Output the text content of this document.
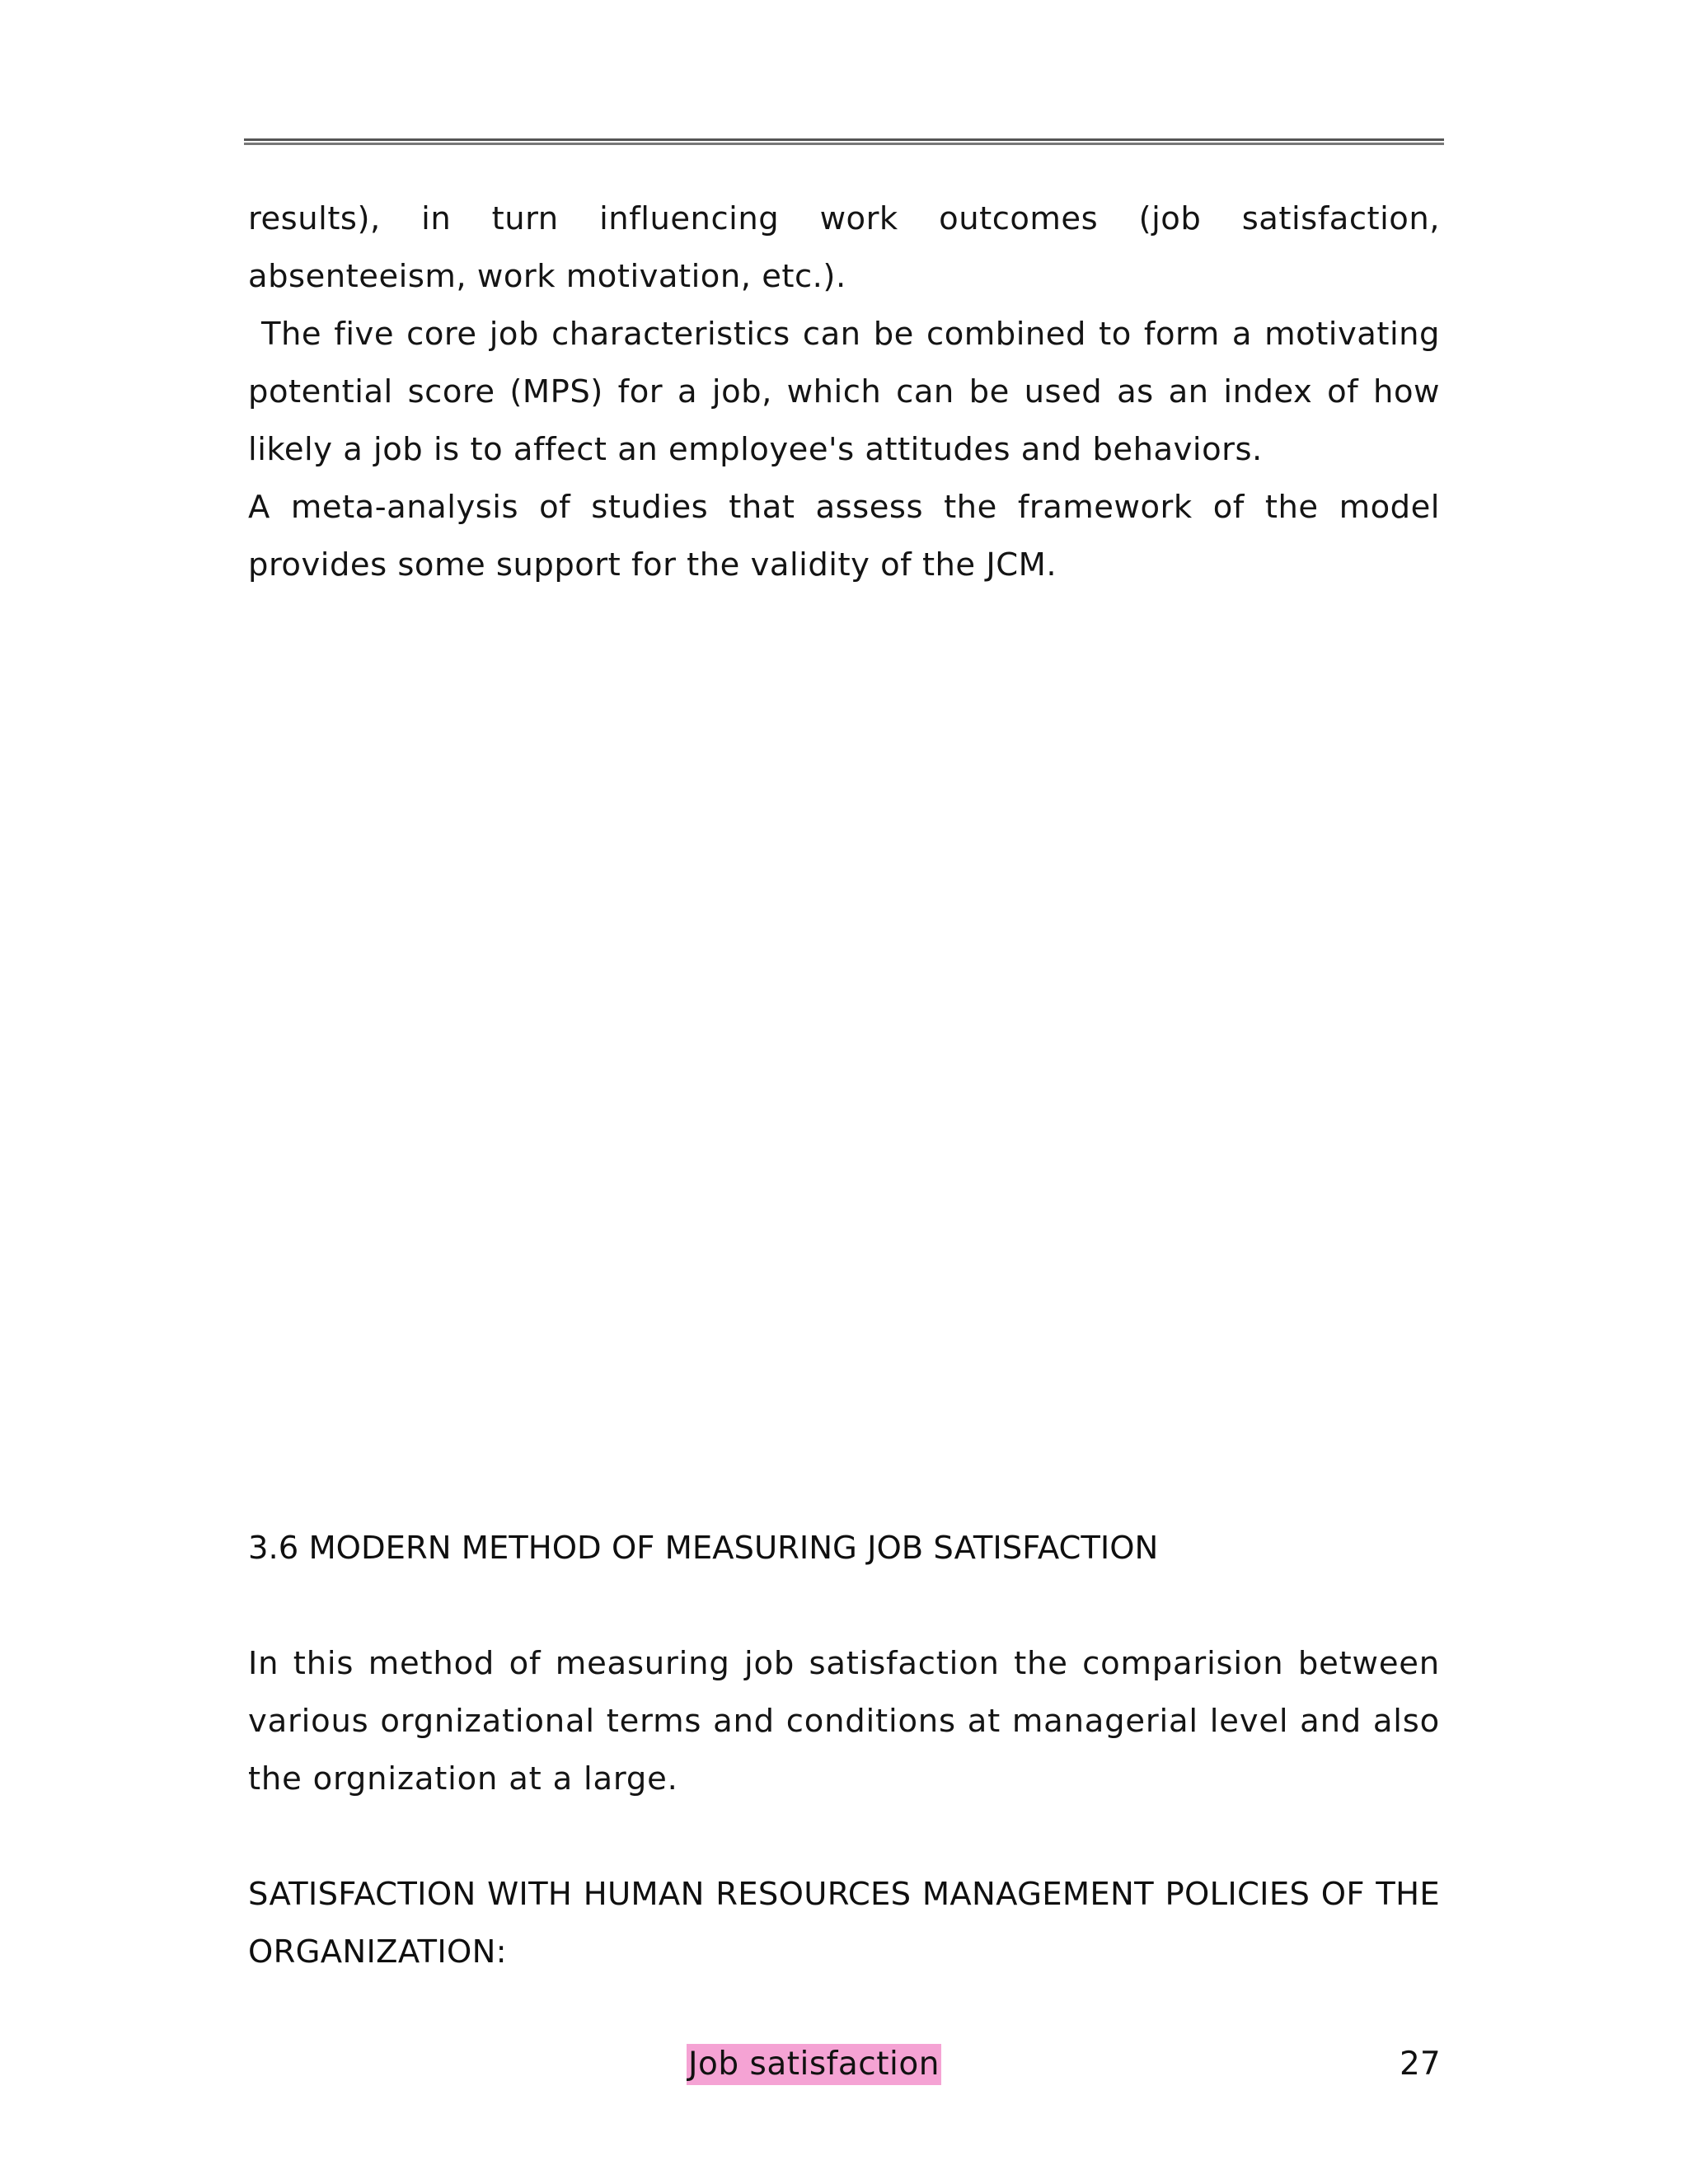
results), in turn influencing work outcomes (job satisfaction, absenteeism, work motivation, etc.).

The five core job characteristics can be combined to form a motivating potential score (MPS) for a job, which can be used as an index of how likely a job is to affect an employee's attitudes and behaviors.

A meta-analysis of studies that assess the framework of the model provides some support for the validity of the JCM.

3.6 MODERN METHOD OF MEASURING JOB SATISFACTION

In this method of measuring job satisfaction the comparision between various orgnizational terms and conditions at managerial level and also the orgnization at a large.

SATISFACTION WITH HUMAN RESOURCES MANAGEMENT POLICIES OF THE ORGANIZATION:
Job satisfaction	27
